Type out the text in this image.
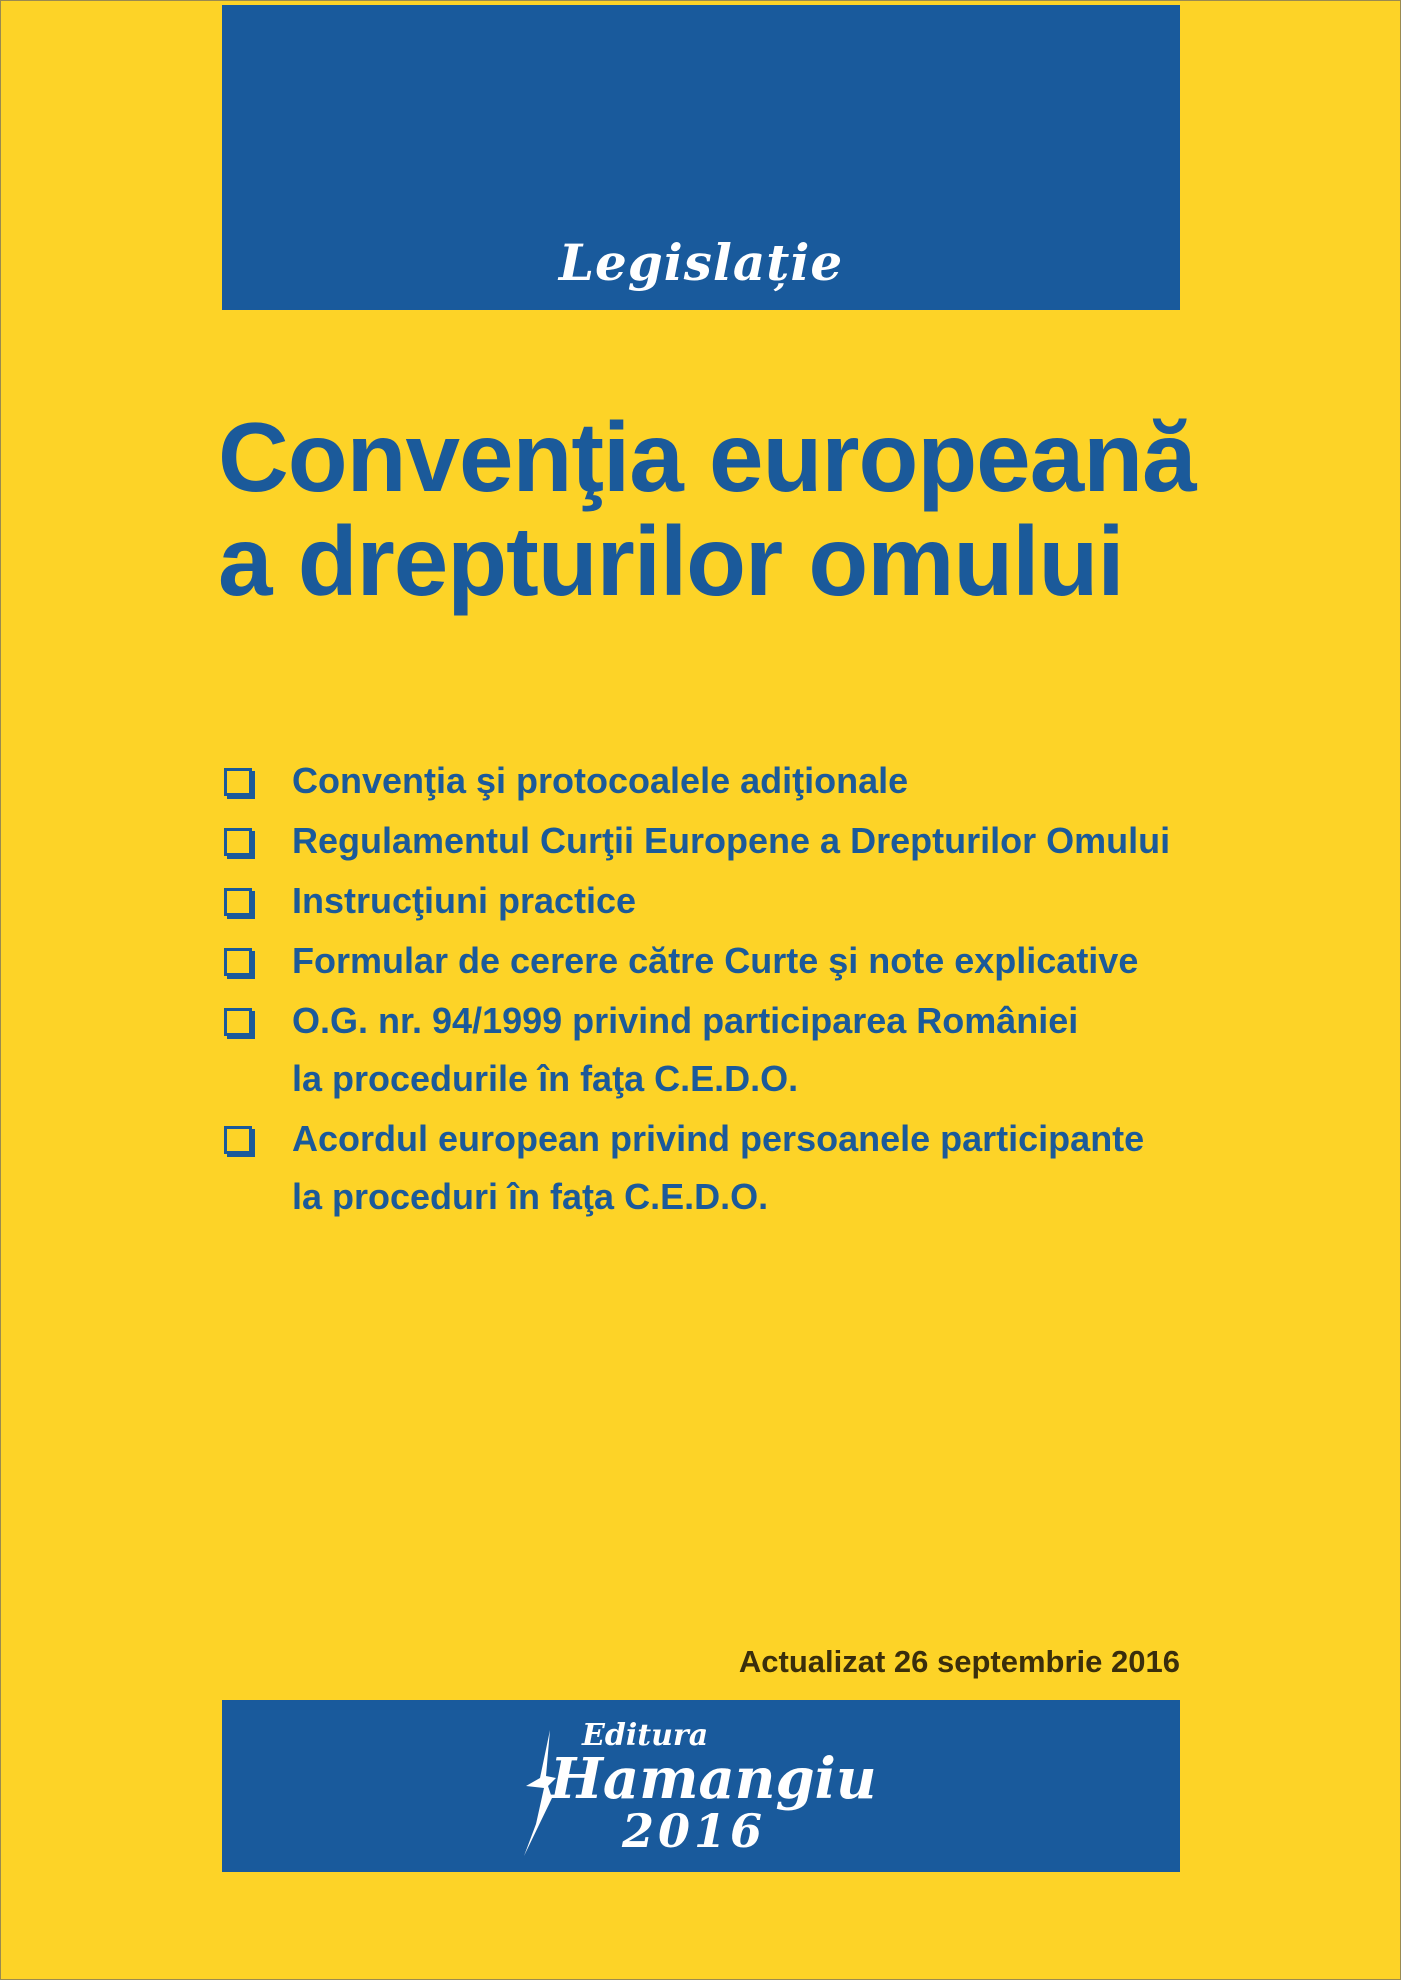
Legislație
Convenţia europeană
a drepturilor omului
Convenţia şi protocoalele adiţionale
Regulamentul Curţii Europene a Drepturilor Omului
Instrucţiuni practice
Formular de cerere către Curte şi note explicative
O.G. nr. 94/1999 privind participarea României
la procedurile în faţa C.E.D.O.
Acordul european privind persoanele participante
la proceduri în faţa C.E.D.O.
Actualizat 26 septembrie 2016
Editura
Hamangiu
2016
